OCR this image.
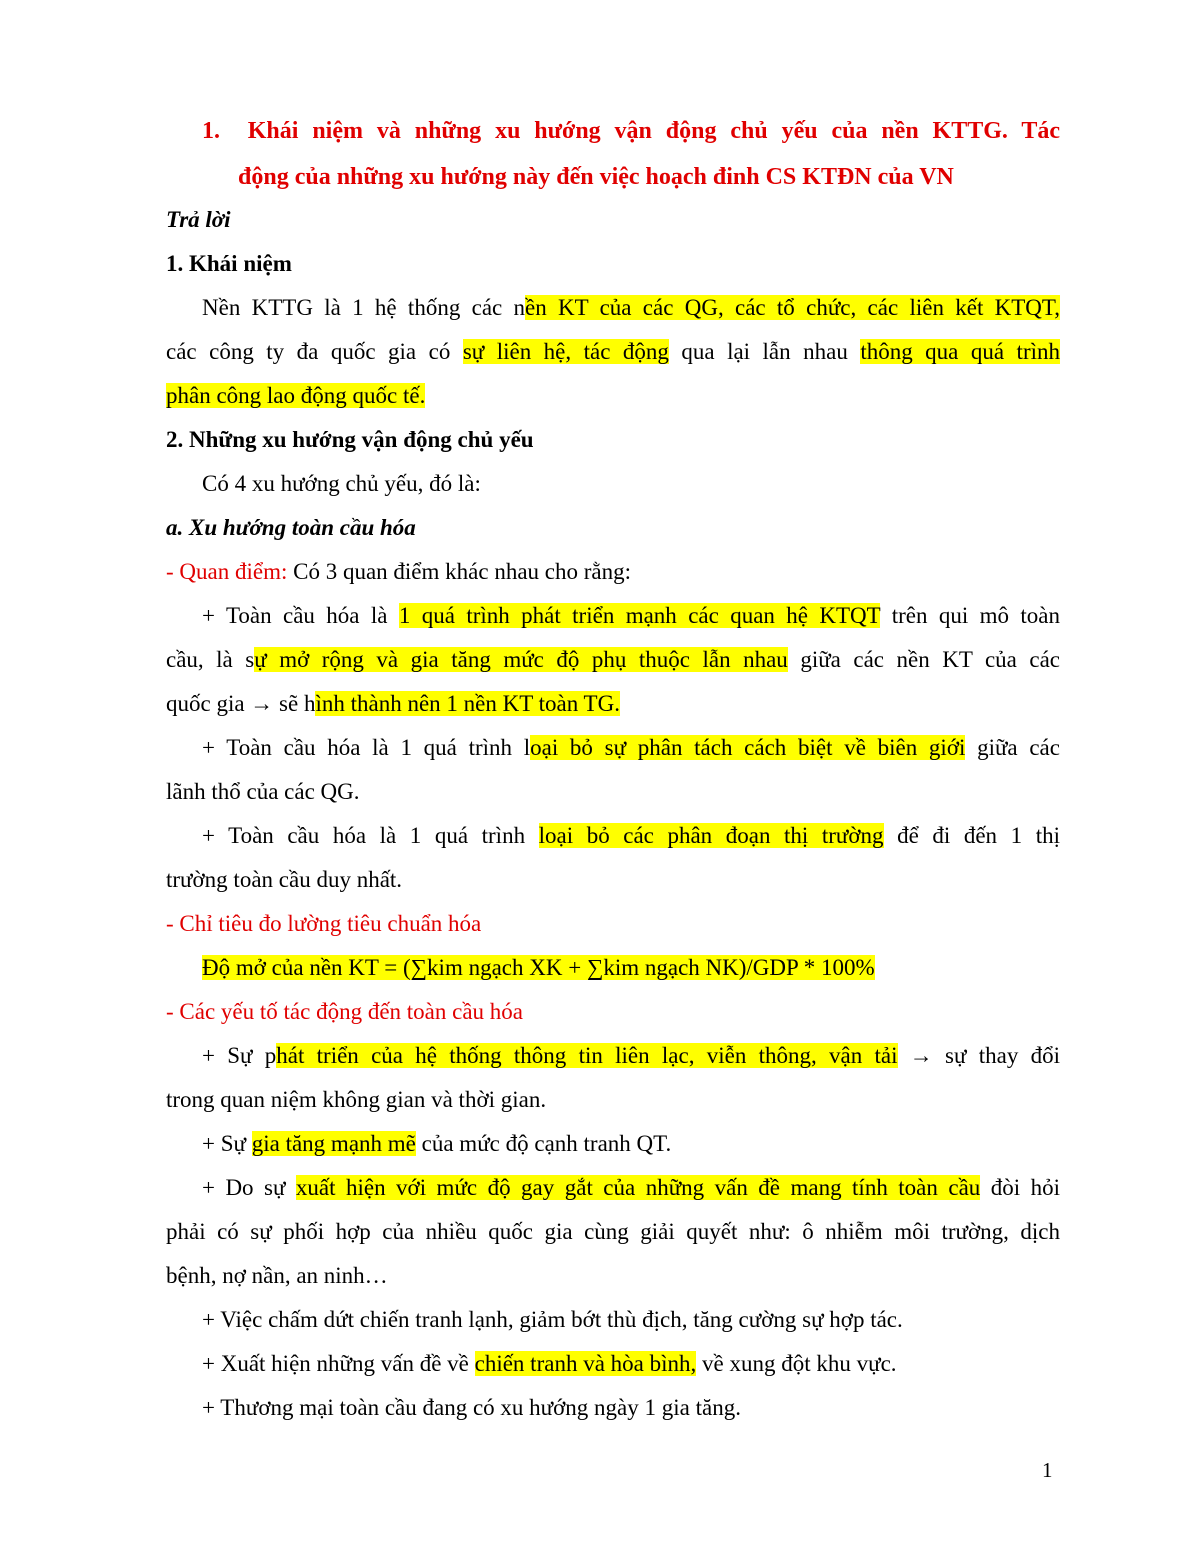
1. Khái niệm và những xu hướng vận động chủ yếu của nền KTTG. Tác
động của những xu hướng này đến việc hoạch đinh CS KTĐN của VN
Trả lời
1. Khái niệm
Nền KTTG là 1 hệ thống các nền KT của các QG, các tổ chức, các liên kết KTQT,
các công ty đa quốc gia có sự liên hệ, tác động qua lại lẫn nhau thông qua quá trình
phân công lao động quốc tế.
2. Những xu hướng vận động chủ yếu
Có 4 xu hướng chủ yếu, đó là:
a. Xu hướng toàn cầu hóa
- Quan điểm: Có 3 quan điểm khác nhau cho rằng:
+ Toàn cầu hóa là 1 quá trình phát triển mạnh các quan hệ KTQT trên qui mô toàn
cầu, là sự mở rộng và gia tăng mức độ phụ thuộc lẫn nhau giữa các nền KT của các
quốc gia → sẽ hình thành nên 1 nền KT toàn TG.
+ Toàn cầu hóa là 1 quá trình loại bỏ sự phân tách cách biệt về biên giới giữa các
lãnh thổ của các QG.
+ Toàn cầu hóa là 1 quá trình loại bỏ các phân đoạn thị trường để đi đến 1 thị
trường toàn cầu duy nhất.
- Chỉ tiêu đo lường tiêu chuẩn hóa
Độ mở của nền KT = (∑kim ngạch XK + ∑kim ngạch NK)/GDP * 100%
- Các yếu tố tác động đến toàn cầu hóa
+ Sự phát triển của hệ thống thông tin liên lạc, viễn thông, vận tải → sự thay đổi
trong quan niệm không gian và thời gian.
+ Sự gia tăng mạnh mẽ của mức độ cạnh tranh QT.
+ Do sự xuất hiện với mức độ gay gắt của những vấn đề mang tính toàn cầu đòi hỏi
phải có sự phối hợp của nhiều quốc gia cùng giải quyết như: ô nhiễm môi trường, dịch
bệnh, nợ nần, an ninh…
+ Việc chấm dứt chiến tranh lạnh, giảm bớt thù địch, tăng cường sự hợp tác.
+ Xuất hiện những vấn đề về chiến tranh và hòa bình, về xung đột khu vực.
+ Thương mại toàn cầu đang có xu hướng ngày 1 gia tăng.
1
